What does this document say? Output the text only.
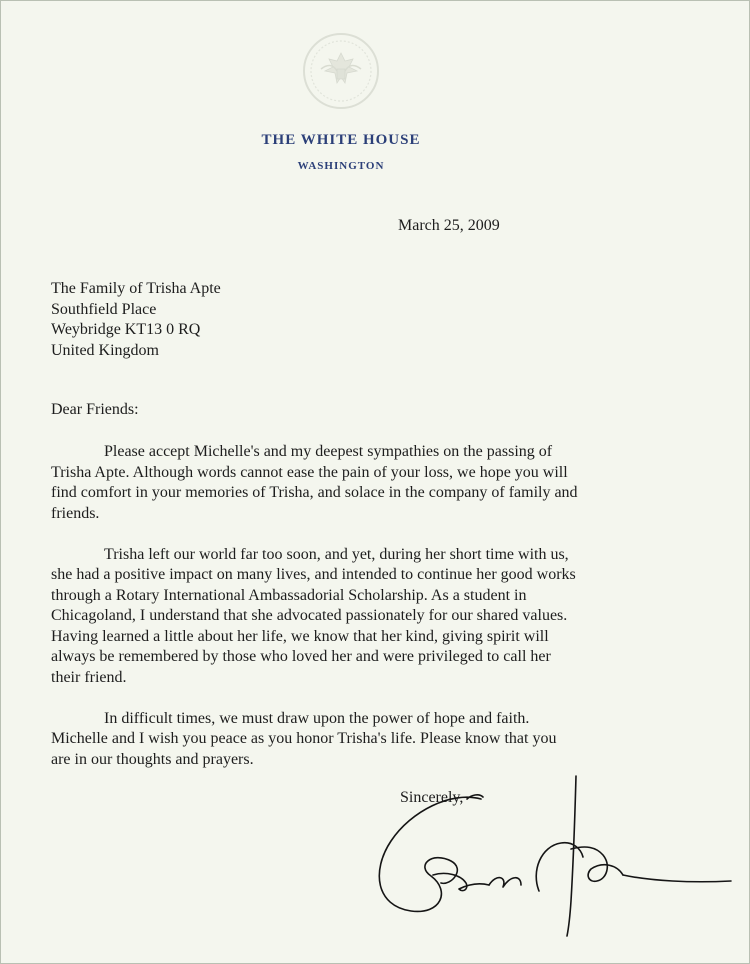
THE WHITE HOUSE
WASHINGTON
March 25, 2009
The Family of Trisha Apte
Southfield Place
Weybridge KT13 0 RQ
United Kingdom
Dear Friends:
Please accept Michelle's and my deepest sympathies on the passing of
Trisha Apte. Although words cannot ease the pain of your loss, we hope you will
find comfort in your memories of Trisha, and solace in the company of family and
friends.
Trisha left our world far too soon, and yet, during her short time with us,
she had a positive impact on many lives, and intended to continue her good works
through a Rotary International Ambassadorial Scholarship. As a student in
Chicagoland, I understand that she advocated passionately for our shared values.
Having learned a little about her life, we know that her kind, giving spirit will
always be remembered by those who loved her and were privileged to call her
their friend.
In difficult times, we must draw upon the power of hope and faith.
Michelle and I wish you peace as you honor Trisha's life. Please know that you
are in our thoughts and prayers.
Sincerely,
